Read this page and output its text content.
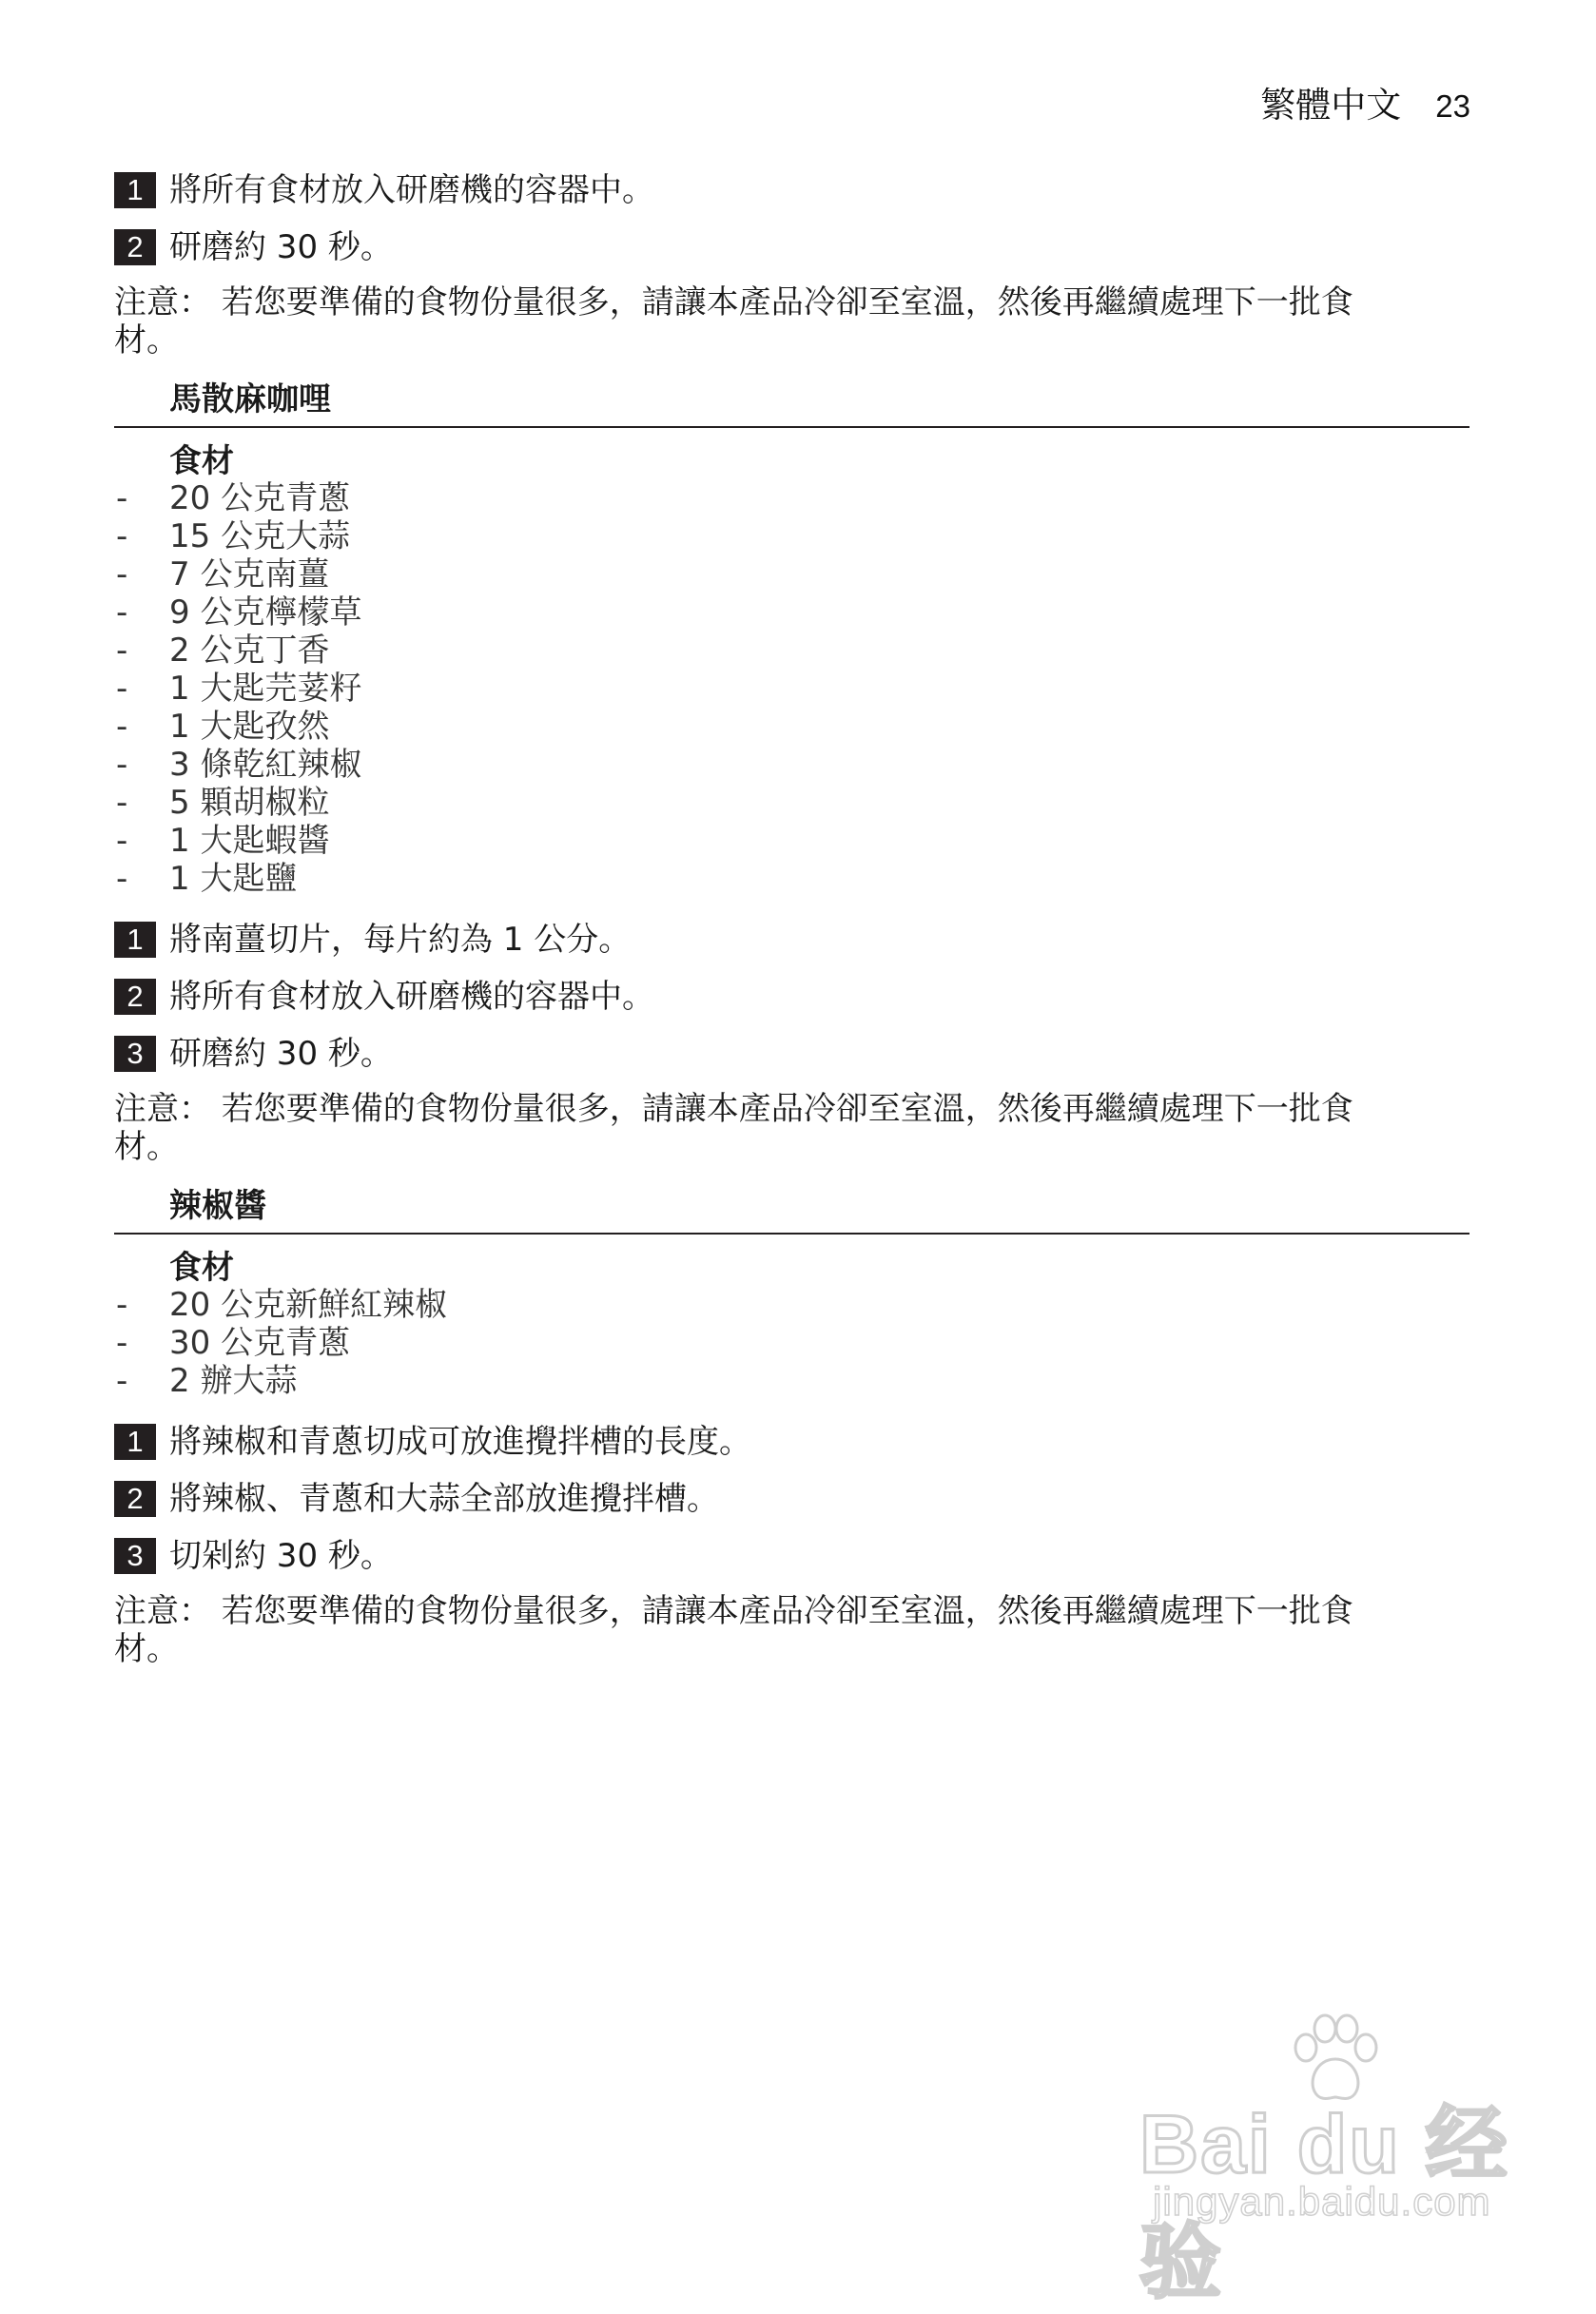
繁體中文 23
1 將所有食材放入研磨機的容器中。
2 研磨約 30 秒。
注意： 若您要準備的食物份量很多，請讓本產品冷卻至室溫，然後再繼續處理下一批食
材。
馬散麻咖哩
食材
-	20 公克青蔥
-	15 公克大蒜
-	7 公克南薑
-	9 公克檸檬草
-	2 公克丁香
-	1 大匙芫荽籽
-	1 大匙孜然
-	3 條乾紅辣椒
-	5 顆胡椒粒
-	1 大匙蝦醬
-	1 大匙鹽
1 將南薑切片，每片約為 1 公分。
2 將所有食材放入研磨機的容器中。
3 研磨約 30 秒。
注意： 若您要準備的食物份量很多，請讓本產品冷卻至室溫，然後再繼續處理下一批食
材。
辣椒醬
食材
-	20 公克新鮮紅辣椒
-	30 公克青蔥
-	2 辦大蒜
1 將辣椒和青蔥切成可放進攪拌槽的長度。
2 將辣椒、青蔥和大蒜全部放進攪拌槽。
3 切剁約 30 秒。
注意： 若您要準備的食物份量很多，請讓本產品冷卻至室溫，然後再繼續處理下一批食
材。
Bai du 经验
jingyan.baidu.com
